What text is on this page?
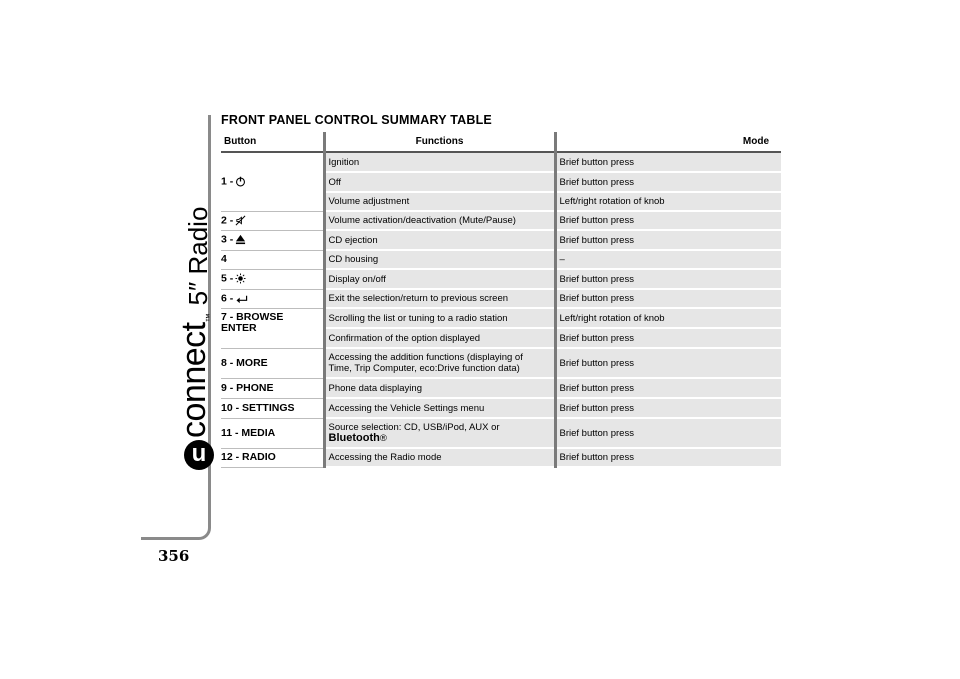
u
connect
™
5″ Radio
356
FRONT PANEL CONTROL SUMMARY TABLE
Button	Functions	Mode
1 -	Ignition	Brief button press
	Off	Brief button press
	Volume adjustment	Left/right rotation of knob
2 -	Volume activation/deactivation (Mute/Pause)	Brief button press
3 -	CD ejection	Brief button press
4	CD housing	–
5 -	Display on/off	Brief button press
6 -	Exit the selection/return to previous screen	Brief button press

7 - BROWSE
ENTER	Scrolling the list or tuning to a radio station	Left/right rotation of knob
	Confirmation of the option displayed	Brief button press
8 - MORE	Accessing the addition functions (displaying of
Time, Trip Computer, eco:Drive function data)	Brief button press
9 - PHONE	Phone data displaying	Brief button press
10 - SETTINGS	Accessing the Vehicle Settings menu	Brief button press
11 - MEDIA	Source selection: CD, USB/iPod, AUX or
Bluetooth®	Brief button press
12 - RADIO	Accessing the Radio mode	Brief button press
